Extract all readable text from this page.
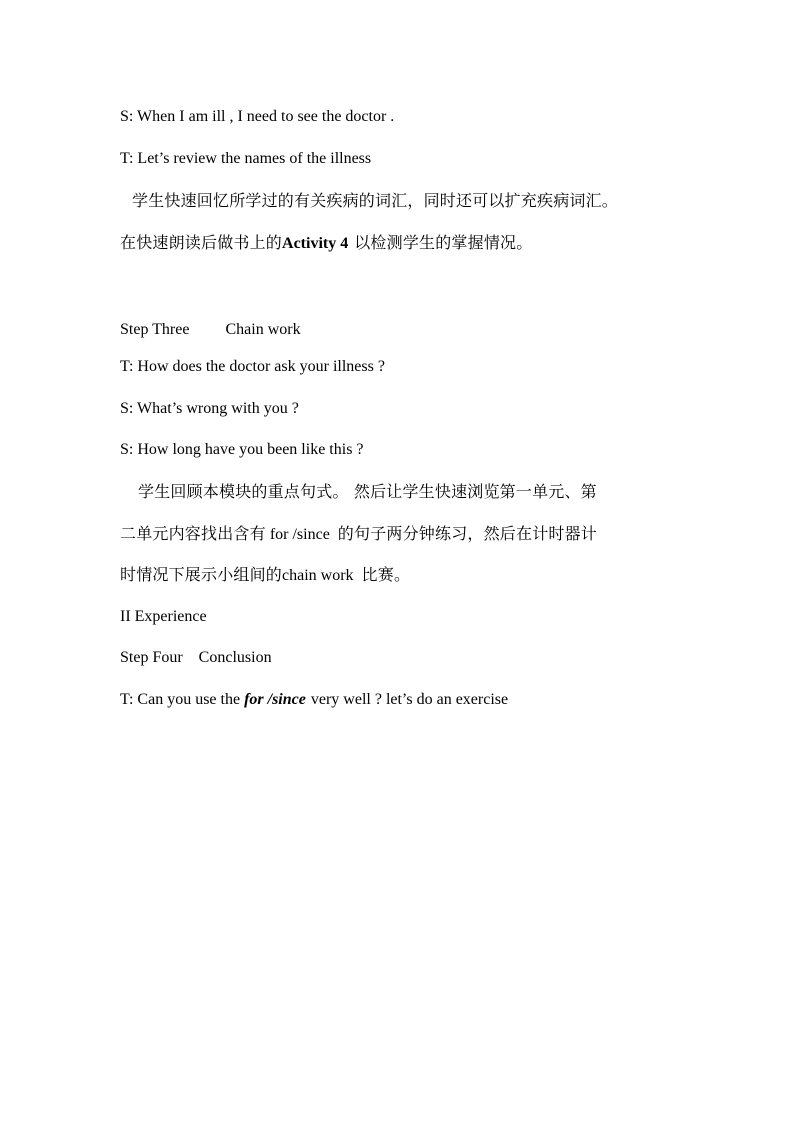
S: When I am ill , I need to see the doctor .
T: Let’s review the names of the illness
学生快速回忆所学过的有关疾病的词汇，同时还可以扩充疾病词汇。
在快速朗读后做书上的Activity 4 以检测学生的掌握情况。
Step Three Chain work
T: How does the doctor ask your illness ?
S: What’s wrong with you ?
S: How long have you been like this ?
学生回顾本模块的重点句式。 然后让学生快速浏览第一单元、第
二单元内容找出含有 for /since 的句子两分钟练习，然后在计时器计
时情况下展示小组间的chain work 比赛。
II Experience
Step Four Conclusion
T: Can you use the for /since very well ? let’s do an exercise
